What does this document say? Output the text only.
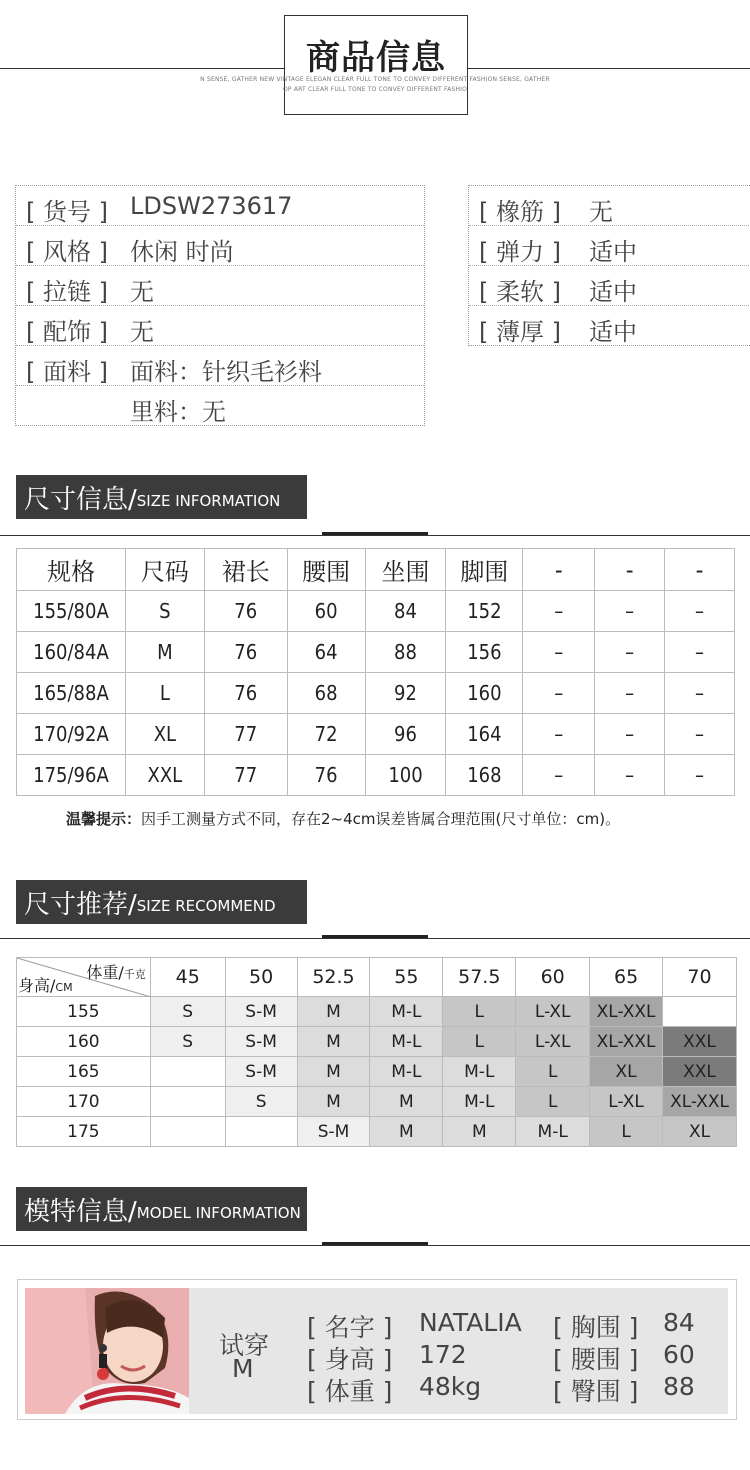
商品信息
N SENSE, GATHER NEW VINTAGE ELEGAN CLEAR FULL TONE TO CONVEY DIFFERENT FASHION SENSE, GATHER
OP ART CLEAR FULL TONE TO CONVEY DIFFERENT FASHIO
[ 货号 ] LDSW273617
[ 风格 ] 休闲 时尚
[ 拉链 ] 无
[ 配饰 ] 无
[ 面料 ] 面料：针织毛衫料
里料：无
[ 橡筋 ] 无
[ 弹力 ] 适中
[ 柔软 ] 适中
[ 薄厚 ] 适中
尺寸信息/ SIZE INFORMATION
规格	尺码	裙长	腰围	坐围	脚围	-	-	-
155/80A	S	76	60	84	152	–	–	–
160/84A	M	76	64	88	156	–	–	–
165/88A	L	76	68	92	160	–	–	–
170/92A	XL	77	72	96	164	–	–	–
175/96A	XXL	77	76	100	168	–	–	–
温馨提示：因手工测量方式不同，存在2~4cm误差皆属合理范围(尺寸单位：cm)。
尺寸推荐/ SIZE RECOMMEND
体重/千克
身高/CM	45	50	52.5	55	57.5	60	65	70
155	S	S-M	M	M-L	L	L-XL	XL-XXL	
160	S	S-M	M	M-L	L	L-XL	XL-XXL	XXL
165		S-M	M	M-L	M-L	L	XL	XXL
170		S	M	M	M-L	L	L-XL	XL-XXL
175			S-M	M	M	M-L	L	XL
模特信息/ MODEL INFORMATION
试穿
M
[ 名字 ] NATALIA [ 胸围 ] 84
[ 身高 ] 172	[ 腰围 ] 60
[ 体重 ] 48kg	[ 臀围 ] 88
